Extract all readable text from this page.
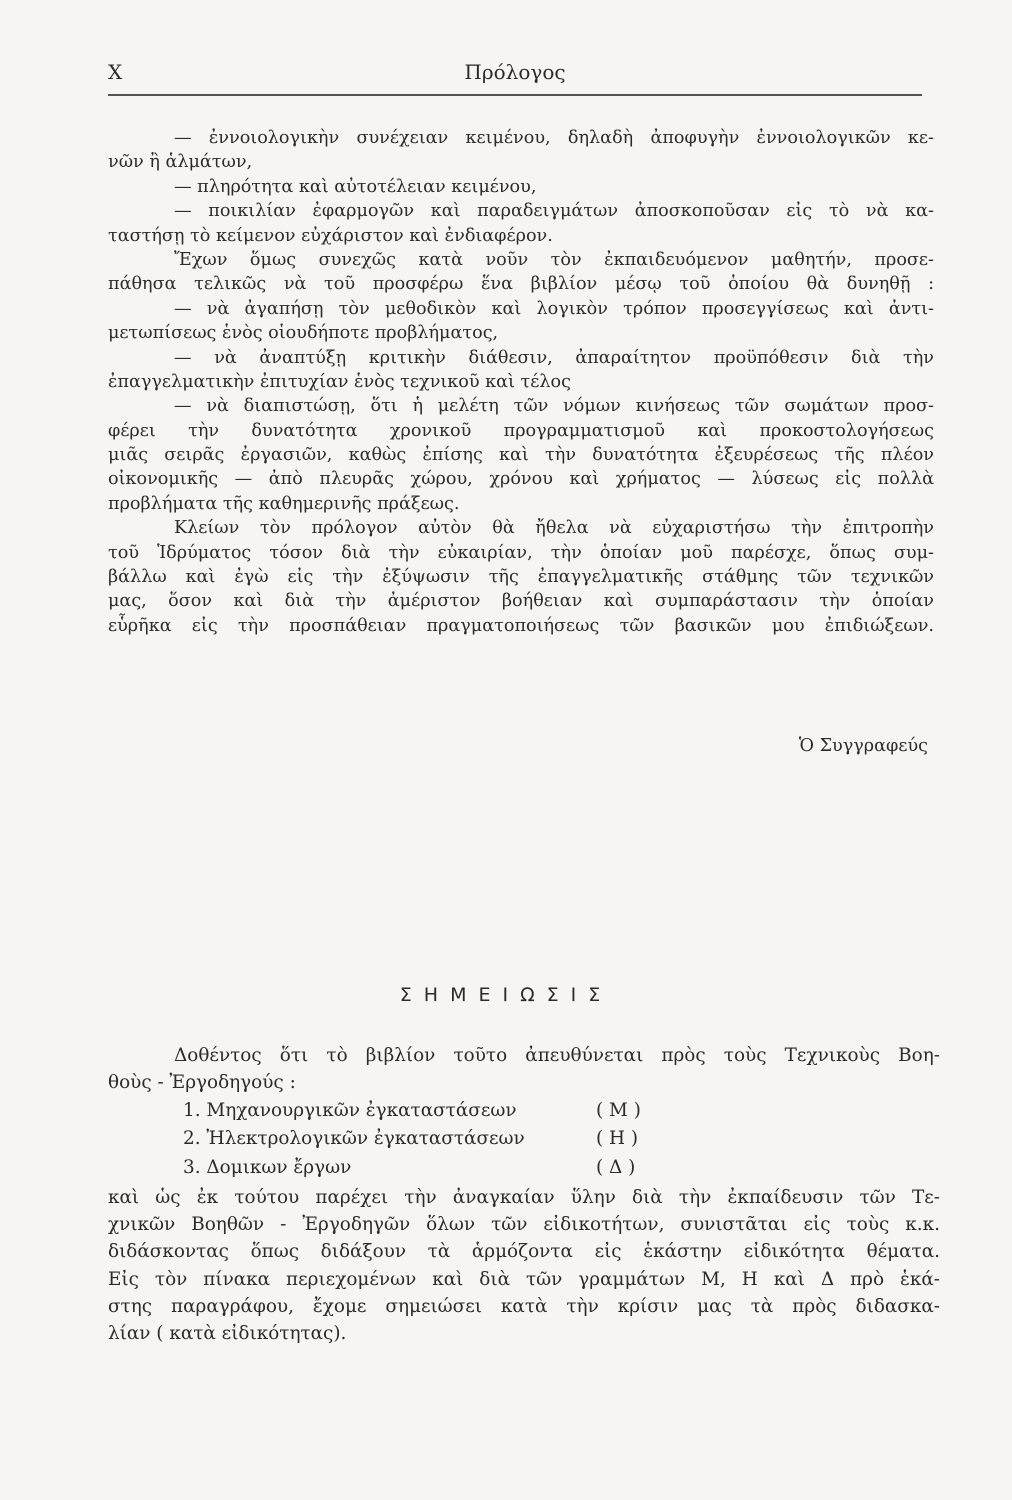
X	Πρόλογος
— ἐννοιολογικὴν συνέχειαν κειμένου, δηλαδὴ ἀποφυγὴν ἐννοιολογικῶν κε-
νῶν ἢ ἁλμάτων,
— πληρότητα καὶ αὐτοτέλειαν κειμένου,
— ποικιλίαν ἐφαρμογῶν καὶ παραδειγμάτων ἀποσκοποῦσαν εἰς τὸ νὰ κα-
ταστήσῃ τὸ κείμενον εὐχάριστον καὶ ἐνδιαφέρον.
Ἔχων ὅμως συνεχῶς κατὰ νοῦν τὸν ἐκπαιδευόμενον μαθητήν, προσε-
πάθησα τελικῶς νὰ τοῦ προσφέρω ἕνα βιβλίον μέσῳ τοῦ ὁποίου θὰ δυνηθῇ :
— νὰ ἀγαπήσῃ τὸν μεθοδικὸν καὶ λογικὸν τρόπον προσεγγίσεως καὶ ἀντι-
μετωπίσεως ἑνὸς οἱουδήποτε προβλήματος,
— νὰ ἀναπτύξῃ κριτικὴν διάθεσιν, ἀπαραίτητον προϋπόθεσιν διὰ τὴν
ἐπαγγελματικὴν ἐπιτυχίαν ἑνὸς τεχνικοῦ καὶ τέλος
— νὰ διαπιστώσῃ, ὅτι ἡ μελέτη τῶν νόμων κινήσεως τῶν σωμάτων προσ-
φέρει τὴν δυνατότητα χρονικοῦ προγραμματισμοῦ καὶ προκοστολογήσεως
μιᾶς σειρᾶς ἐργασιῶν, καθὼς ἐπίσης καὶ τὴν δυνατότητα ἐξευρέσεως τῆς πλέον
οἰκονομικῆς — ἀπὸ πλευρᾶς χώρου, χρόνου καὶ χρήματος — λύσεως εἰς πολλὰ
προβλήματα τῆς καθημερινῆς πράξεως.
Κλείων τὸν πρόλογον αὐτὸν θὰ ἤθελα νὰ εὐχαριστήσω τὴν ἐπιτροπὴν
τοῦ Ἱδρύματος τόσον διὰ τὴν εὐκαιρίαν, τὴν ὁποίαν μοῦ παρέσχε, ὅπως συμ-
βάλλω καὶ ἐγὼ εἰς τὴν ἐξύψωσιν τῆς ἐπαγγελματικῆς στάθμης τῶν τεχνικῶν
μας, ὅσον καὶ διὰ τὴν ἀμέριστον βοήθειαν καὶ συμπαράστασιν τὴν ὁποίαν
εὗρῆκα εἰς τὴν προσπάθειαν πραγματοποιήσεως τῶν βασικῶν μου ἐπιδιώξεων.
Ὁ Συγγραφεύς
ΣΗΜΕΙΩΣΙΣ
Δοθέντος ὅτι τὸ βιβλίον τοῦτο ἀπευθύνεται πρὸς τοὺς Τεχνικοὺς Βοη-
θοὺς - Ἐργοδηγούς :
1. Μηχανουργικῶν ἐγκαταστάσεων	( Μ )
2. Ἠλεκτρολογικῶν ἐγκαταστάσεων	( Η )
3. Δομικων ἔργων	( Δ )
καὶ ὡς ἐκ τούτου παρέχει τὴν ἀναγκαίαν ὕλην διὰ τὴν ἐκπαίδευσιν τῶν Τε-
χνικῶν Βοηθῶν - Ἐργοδηγῶν ὅλων τῶν εἰδικοτήτων, συνιστᾶται εἰς τοὺς κ.κ.
διδάσκοντας ὅπως διδάξουν τὰ ἁρμόζοντα εἰς ἑκάστην εἰδικότητα θέματα.
Εἰς τὸν πίνακα περιεχομένων καὶ διὰ τῶν γραμμάτων Μ, Η καὶ Δ πρὸ ἑκά-
στης παραγράφου, ἔχομε σημειώσει κατὰ τὴν κρίσιν μας τὰ πρὸς διδασκα-
λίαν ( κατὰ εἰδικότητας).
